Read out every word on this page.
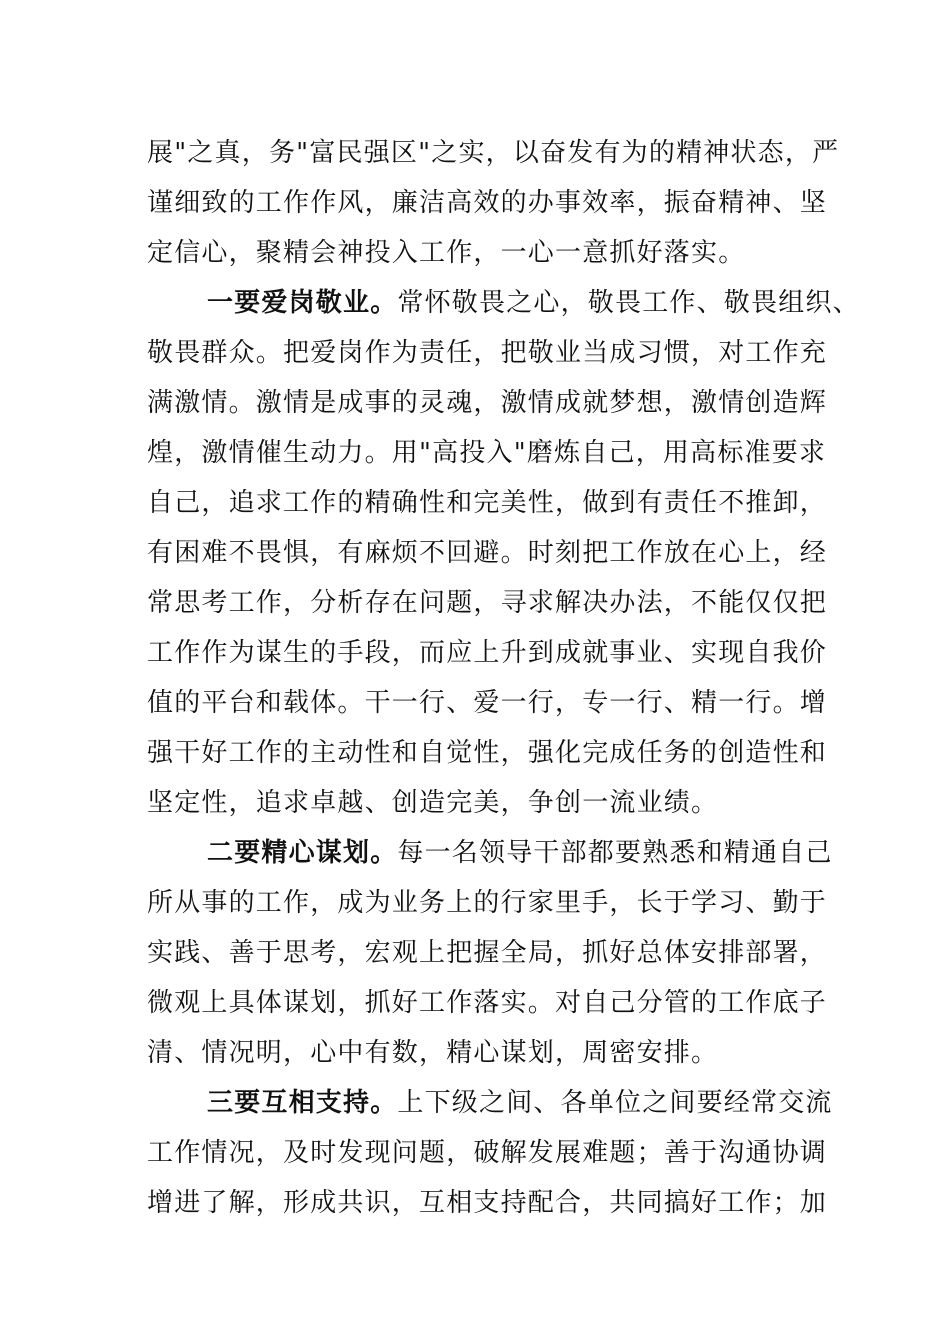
展"之真，务"富民强区"之实，以奋发有为的精神状态，严
谨细致的工作作风，廉洁高效的办事效率，振奋精神、坚
定信心，聚精会神投入工作，一心一意抓好落实。
一要爱岗敬业。常怀敬畏之心，敬畏工作、敬畏组织、
敬畏群众。把爱岗作为责任，把敬业当成习惯，对工作充
满激情。激情是成事的灵魂，激情成就梦想，激情创造辉
煌，激情催生动力。用"高投入"磨炼自己，用高标准要求
自己，追求工作的精确性和完美性，做到有责任不推卸，
有困难不畏惧，有麻烦不回避。时刻把工作放在心上，经
常思考工作，分析存在问题，寻求解决办法，不能仅仅把
工作作为谋生的手段，而应上升到成就事业、实现自我价
值的平台和载体。干一行、爱一行，专一行、精一行。增
强干好工作的主动性和自觉性，强化完成任务的创造性和
坚定性，追求卓越、创造完美，争创一流业绩。
二要精心谋划。每一名领导干部都要熟悉和精通自己
所从事的工作，成为业务上的行家里手，长于学习、勤于
实践、善于思考，宏观上把握全局，抓好总体安排部署，
微观上具体谋划，抓好工作落实。对自己分管的工作底子
清、情况明，心中有数，精心谋划，周密安排。
三要互相支持。上下级之间、各单位之间要经常交流
工作情况，及时发现问题，破解发展难题；善于沟通协调
增进了解，形成共识，互相支持配合，共同搞好工作；加
